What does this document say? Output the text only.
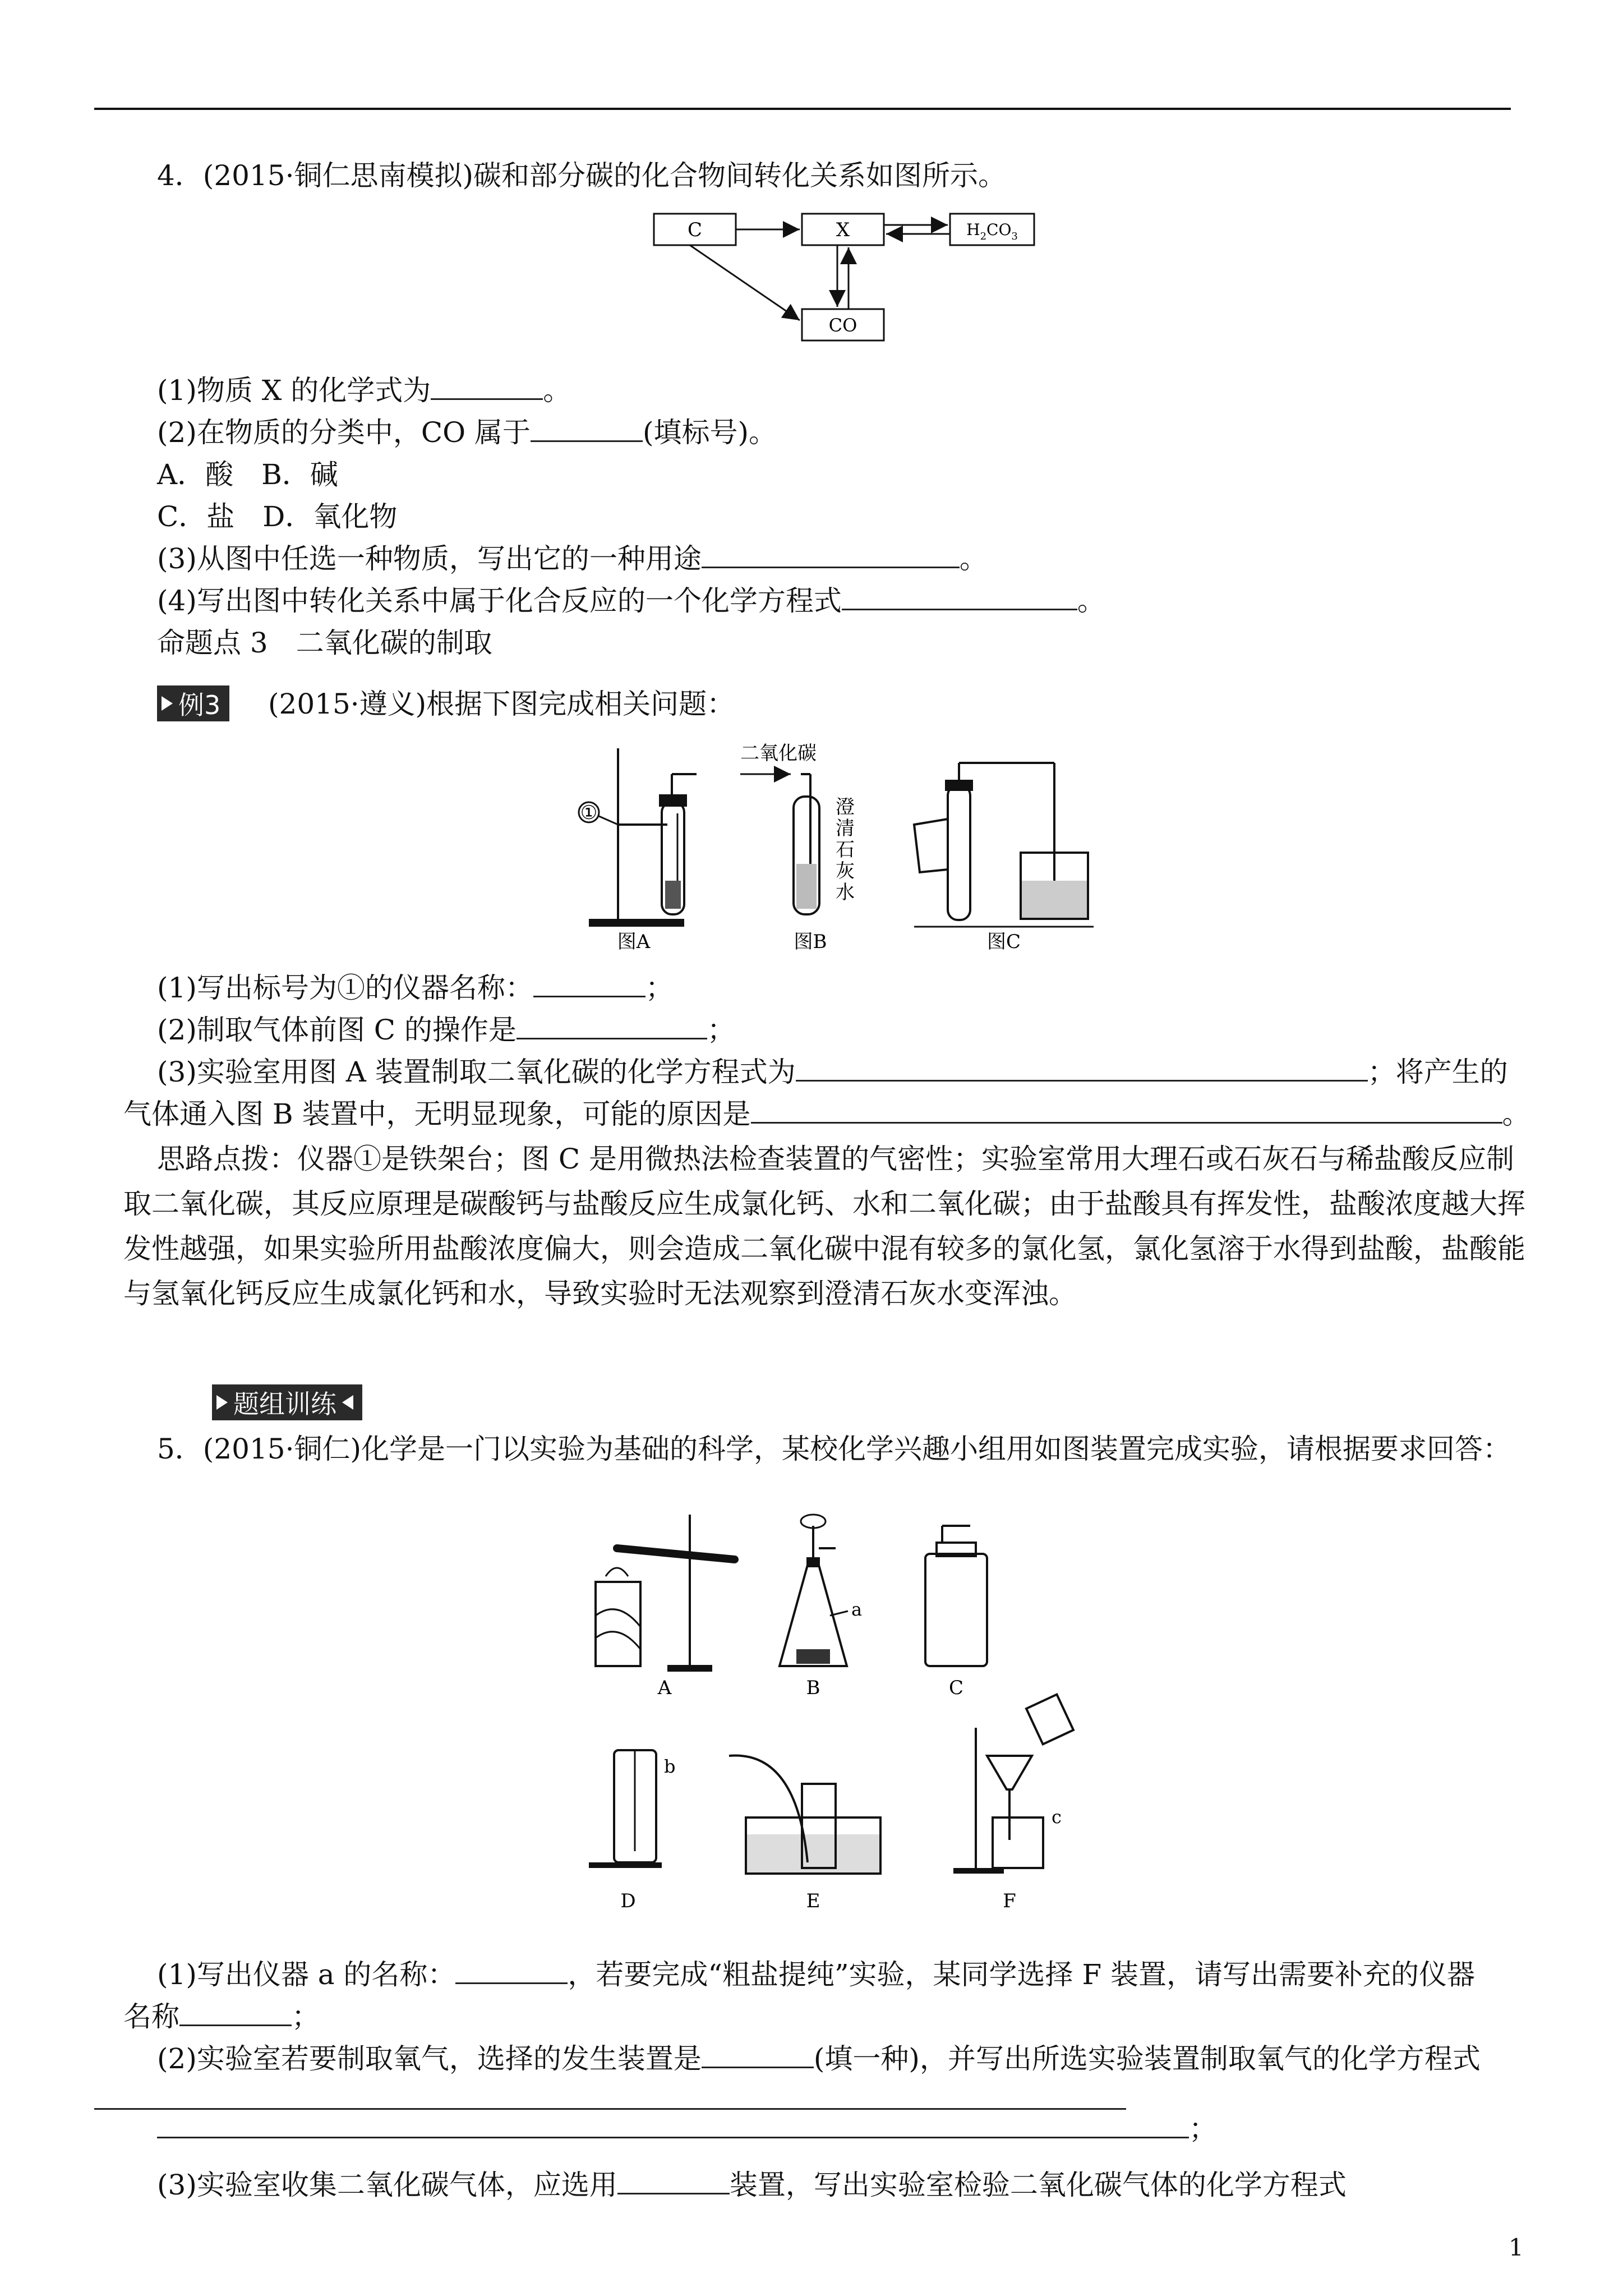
4．(2015·铜仁思南模拟)碳和部分碳的化合物间转化关系如图所示。
C	X	$H_2CO_3$
CO
(1)物质 X 的化学式为	。
(2)在物质的分类中，CO 属于	(填标号)。
A．酸　B．碱
C．盐　D．氧化物
(3)从图中任选一种物质，写出它的一种用途	。
(4)写出图中转化关系中属于化合反应的一个化学方程式	。
命题点 3　二氧化碳的制取
例3 (2015·遵义)根据下图完成相关问题：
①
二氧化碳
澄
清
石
灰
水
图A	图B	图C
(1)写出标号为①的仪器名称：	；
(2)制取气体前图 C 的操作是	；
(3)实验室用图 A 装置制取二氧化碳的化学方程式为	；将产生的
气体通入图 B 装置中，无明显现象，可能的原因是	。
思路点拨：仪器①是铁架台；图 C 是用微热法检查装置的气密性；实验室常用大理石或石灰石与稀盐酸反应制
取二氧化碳，其反应原理是碳酸钙与盐酸反应生成氯化钙、水和二氧化碳；由于盐酸具有挥发性，盐酸浓度越大挥
发性越强，如果实验所用盐酸浓度偏大，则会造成二氧化碳中混有较多的氯化氢，氯化氢溶于水得到盐酸，盐酸能
与氢氧化钙反应生成氯化钙和水，导致实验时无法观察到澄清石灰水变浑浊。
题组训练
5．(2015·铜仁)化学是一门以实验为基础的科学，某校化学兴趣小组用如图装置完成实验，请根据要求回答：
A
a
B	C
b
D	E
c
F
(1)写出仪器 a 的名称：	，若要完成“粗盐提纯”实验，某同学选择 F 装置，请写出需要补充的仪器
名称	；
(2)实验室若要制取氧气，选择的发生装置是	(填一种)，并写出所选实验装置制取氧气的化学方程式
；
(3)实验室收集二氧化碳气体，应选用	装置，写出实验室检验二氧化碳气体的化学方程式
1
